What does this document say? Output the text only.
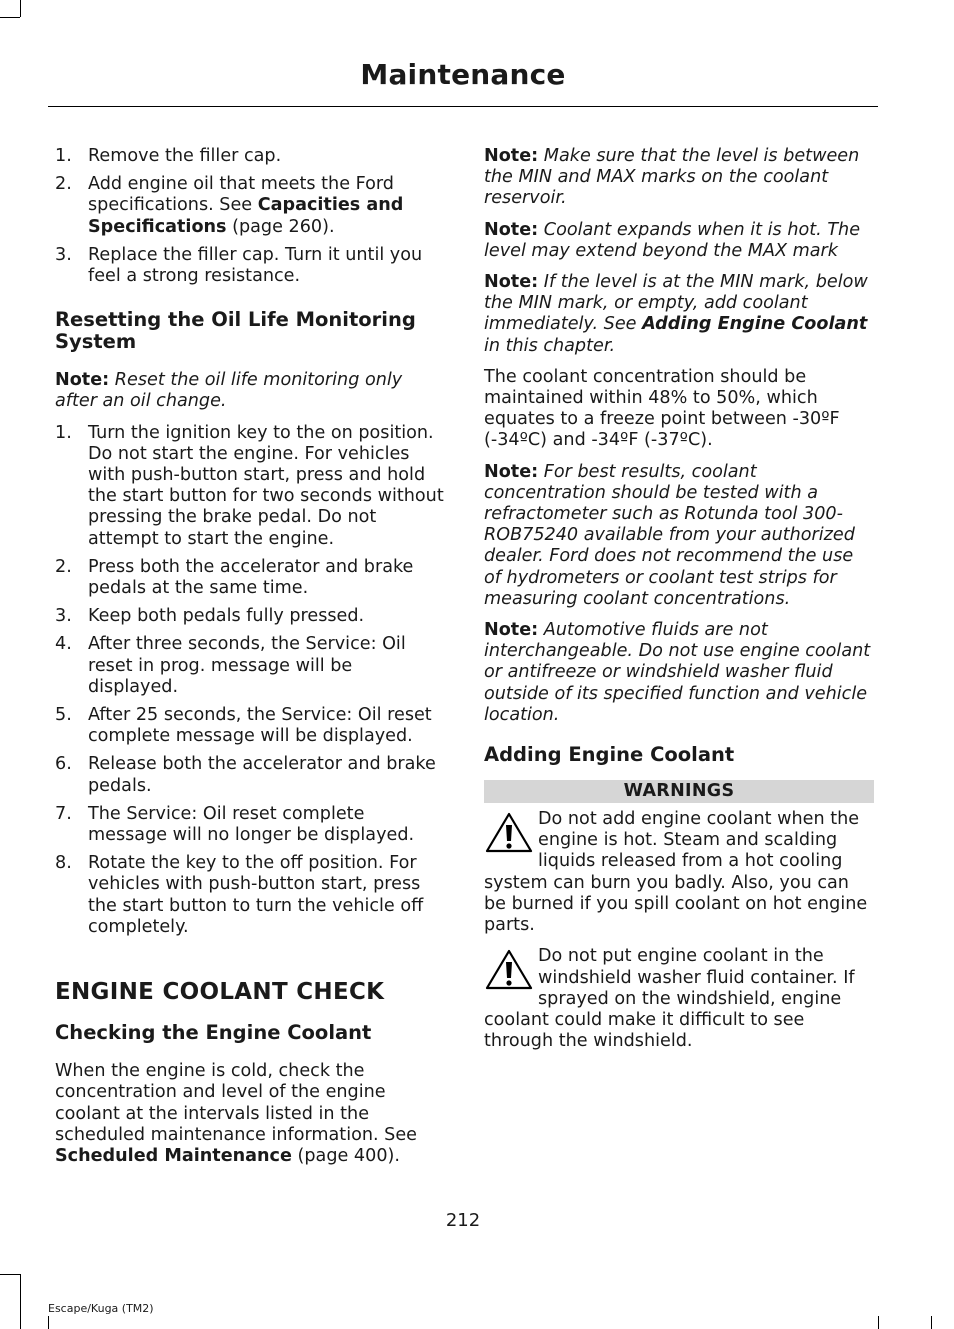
Maintenance
1. Remove the filler cap.
2. Add engine oil that meets the Ford specifications. See Capacities and Specifications (page 260).
3. Replace the filler cap. Turn it until you feel a strong resistance.
Resetting the Oil Life Monitoring System

Note: Reset the oil life monitoring only after an oil change.

1. Turn the ignition key to the on position. Do not start the engine. For vehicles with push-button start, press and hold the start button for two seconds without pressing the brake pedal. Do not attempt to start the engine.
2. Press both the accelerator and brake pedals at the same time.
3. Keep both pedals fully pressed.
4. After three seconds, the Service: Oil reset in prog. message will be displayed.
5. After 25 seconds, the Service: Oil reset complete message will be displayed.
6. Release both the accelerator and brake pedals.
7. The Service: Oil reset complete message will no longer be displayed.
8. Rotate the key to the off position. For vehicles with push-button start, press the start button to turn the vehicle off completely.
ENGINE COOLANT CHECK
Checking the Engine Coolant

When the engine is cold, check the concentration and level of the engine coolant at the intervals listed in the scheduled maintenance information. See Scheduled Maintenance (page 400).

Note: Make sure that the level is between the MIN and MAX marks on the coolant reservoir.

Note: Coolant expands when it is hot. The level may extend beyond the MAX mark

Note: If the level is at the MIN mark, below the MIN mark, or empty, add coolant immediately. See Adding Engine Coolant in this chapter.

The coolant concentration should be maintained within 48% to 50%, which equates to a freeze point between -30ºF (-34ºC) and -34ºF (-37ºC).

Note: For best results, coolant concentration should be tested with a refractometer such as Rotunda tool 300-ROB75240 available from your authorized dealer. Ford does not recommend the use of hydrometers or coolant test strips for measuring coolant concentrations.

Note: Automotive fluids are not interchangeable. Do not use engine coolant or antifreeze or windshield washer fluid outside of its specified function and vehicle location.

Adding Engine Coolant
WARNINGS
Do not add engine coolant when the engine is hot. Steam and scalding liquids released from a hot cooling system can burn you badly. Also, you can be burned if you spill coolant on hot engine parts.
Do not put engine coolant in the windshield washer fluid container. If sprayed on the windshield, engine coolant could make it difficult to see through the windshield.
212
Escape/Kuga (TM2)
